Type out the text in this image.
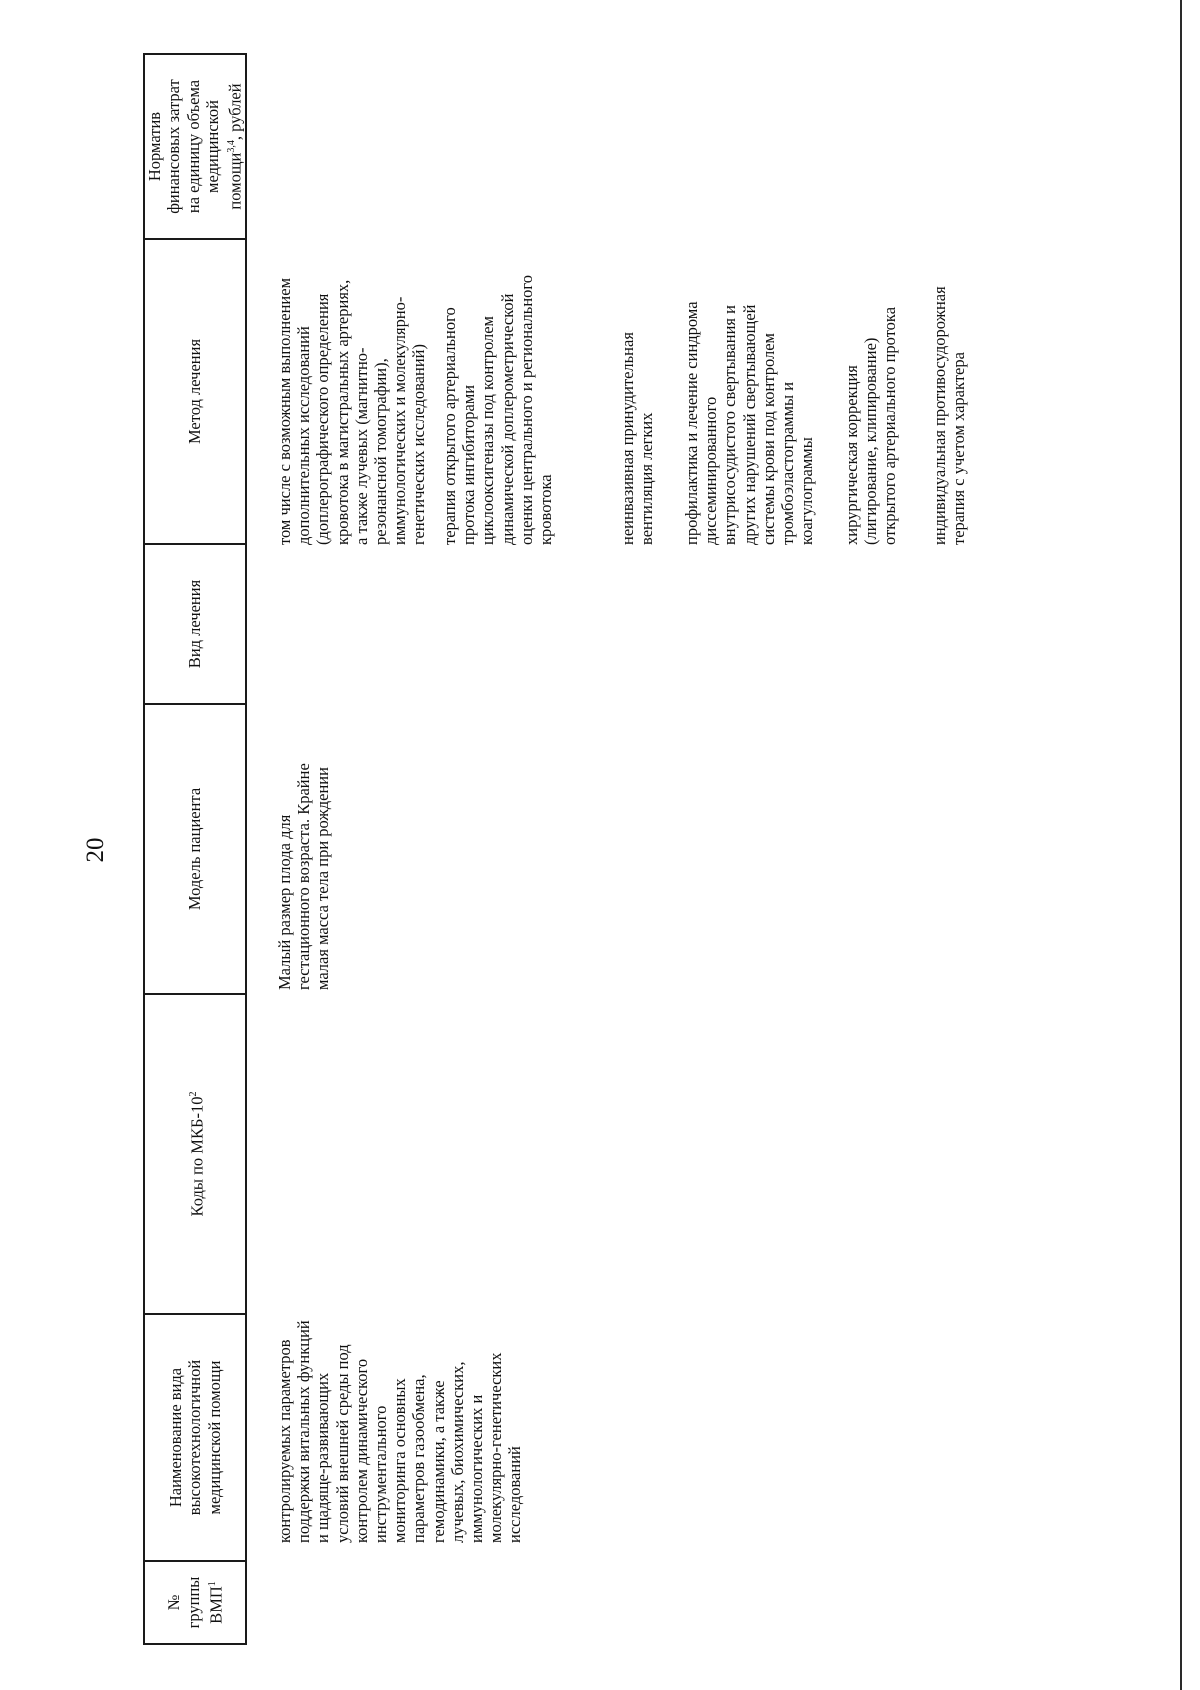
20
№
группы
ВМП$^1$
Наименование вида
высокотехнологичной
медицинской помощи
Коды по МКБ-$10^2$
Модель пациента
Вид лечения
Метод лечения
Норматив
финансовых затрат
на единицу объема
медицинской
помощи$^{3,4}$, рублей
контролируемых параметров
поддержки витальных функций
и щадяще-развивающих
условий внешней среды под
контролем динамического
инструментального
мониторинга основных
параметров газообмена,
гемодинамики, а также
лучевых, биохимических,
иммунологических и
молекулярно-генетических
исследований
Малый размер плода для
гестационного возраста. Крайне
малая масса тела при рождении
том числе с возможным выполнением
дополнительных исследований
(доплерографического определения
кровотока в магистральных артериях,
а также лучевых (магнитно-
резонансной томографии),
иммунологических и молекулярно-
генетических исследований)
терапия открытого артериального
протока ингибиторами
циклооксигеназы под контролем
динамической доплерометрической
оценки центрального и регионального
кровотока	неинвазивная принудительная
вентиляция легких
профилактика и лечение синдрома
диссеминированного
внутрисосудистого свертывания и
других нарушений свертывающей
системы крови под контролем
тромбоэластограммы и
коагулограммы хирургическая коррекция
(лигирование, клипирование)
открытого артериального протока
индивидуальная противосудорожная
терапия с учетом характера
